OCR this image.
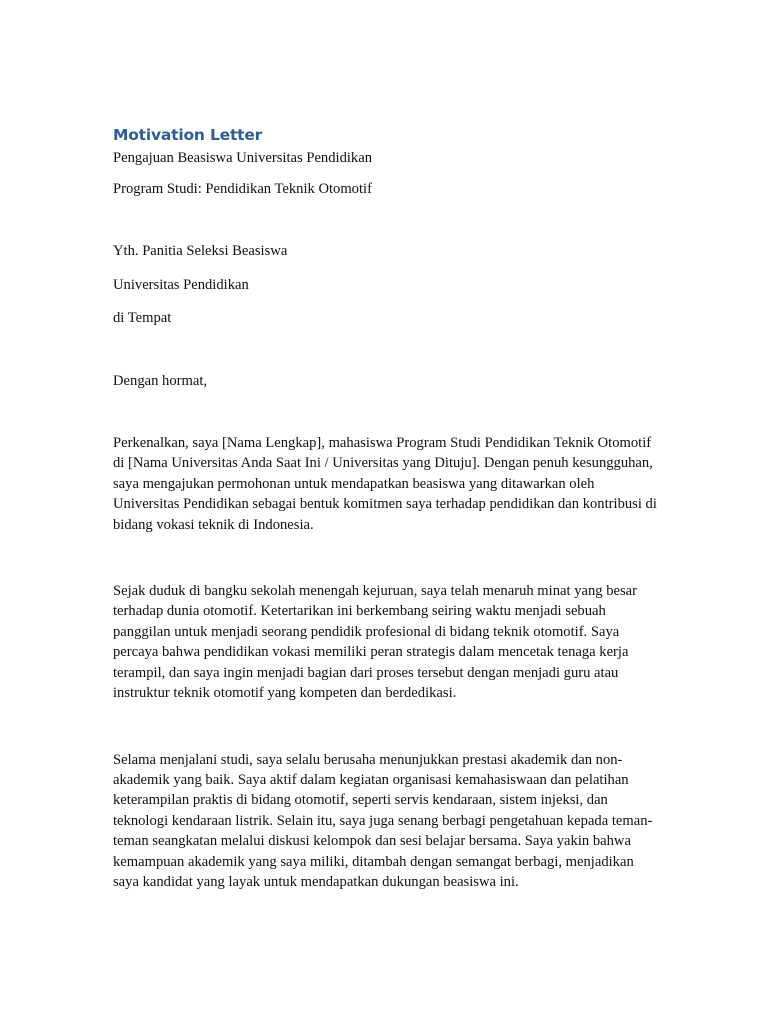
Motivation Letter

Pengajuan Beasiswa Universitas Pendidikan

Program Studi: Pendidikan Teknik Otomotif

Yth. Panitia Seleksi Beasiswa

Universitas Pendidikan

di Tempat

Dengan hormat,

Perkenalkan, saya [Nama Lengkap], mahasiswa Program Studi Pendidikan Teknik Otomotif di [Nama Universitas Anda Saat Ini / Universitas yang Dituju]. Dengan penuh kesungguhan, saya mengajukan permohonan untuk mendapatkan beasiswa yang ditawarkan oleh Universitas Pendidikan sebagai bentuk komitmen saya terhadap pendidikan dan kontribusi di bidang vokasi teknik di Indonesia.

Sejak duduk di bangku sekolah menengah kejuruan, saya telah menaruh minat yang besar terhadap dunia otomotif. Ketertarikan ini berkembang seiring waktu menjadi sebuah panggilan untuk menjadi seorang pendidik profesional di bidang teknik otomotif. Saya percaya bahwa pendidikan vokasi memiliki peran strategis dalam mencetak tenaga kerja terampil, dan saya ingin menjadi bagian dari proses tersebut dengan menjadi guru atau instruktur teknik otomotif yang kompeten dan berdedikasi.

Selama menjalani studi, saya selalu berusaha menunjukkan prestasi akademik dan non-akademik yang baik. Saya aktif dalam kegiatan organisasi kemahasiswaan dan pelatihan keterampilan praktis di bidang otomotif, seperti servis kendaraan, sistem injeksi, dan teknologi kendaraan listrik. Selain itu, saya juga senang berbagi pengetahuan kepada teman-teman seangkatan melalui diskusi kelompok dan sesi belajar bersama. Saya yakin bahwa kemampuan akademik yang saya miliki, ditambah dengan semangat berbagi, menjadikan saya kandidat yang layak untuk mendapatkan dukungan beasiswa ini.
